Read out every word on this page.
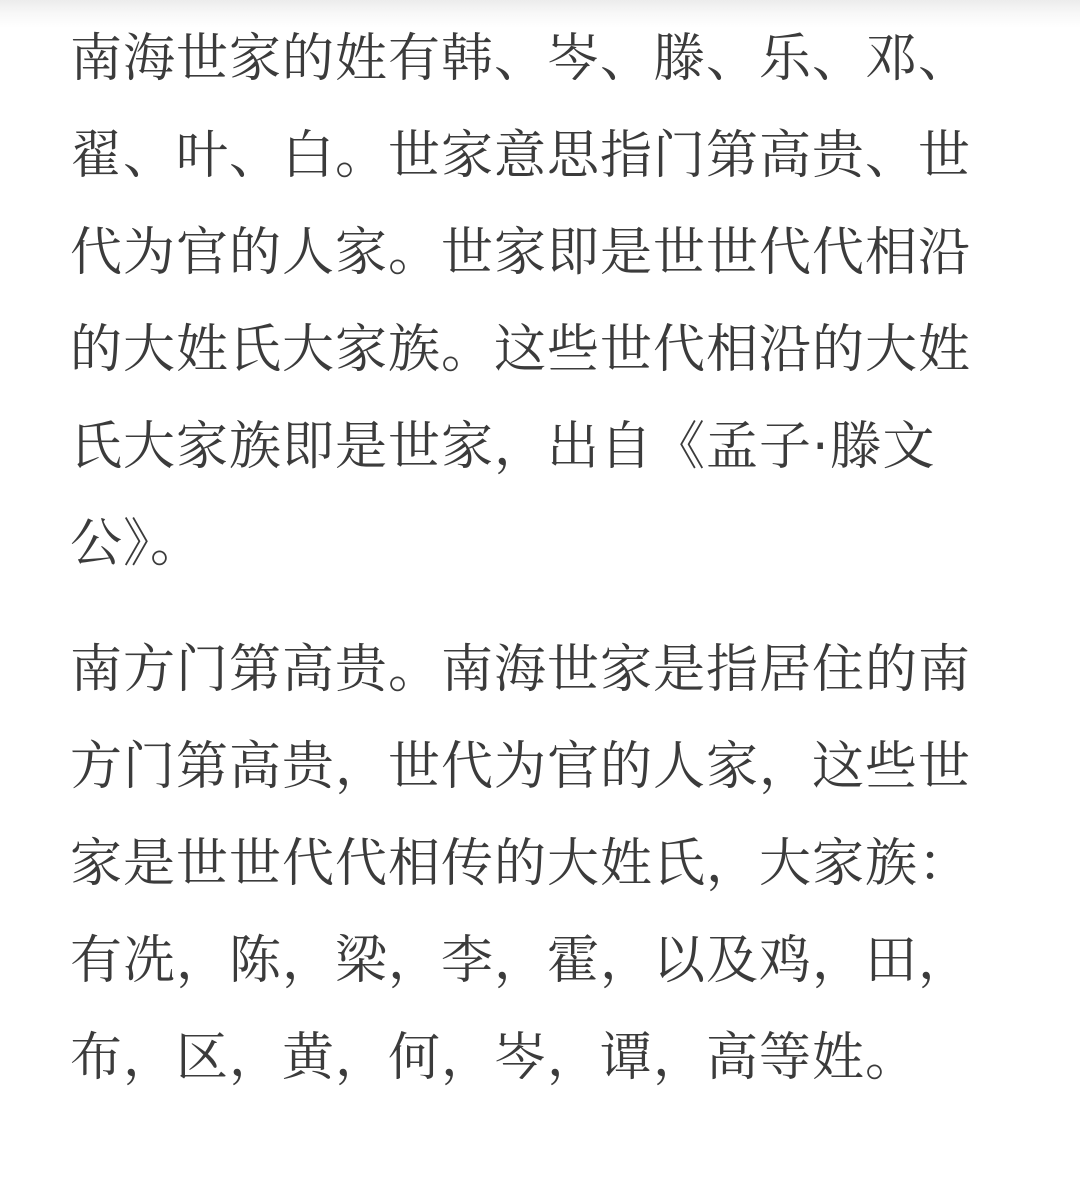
南海世家的姓有韩、岑、滕、乐、邓、翟、叶、白。世家意思指门第高贵、世代为官的人家。世家即是世世代代相沿的大姓氏大家族。这些世代相沿的大姓氏大家族即是世家，出自《孟子·滕文公》。

南方门第高贵。南海世家是指居住的南方门第高贵，世代为官的人家，这些世家是世世代代相传的大姓氏，大家族：有冼，陈，梁，李，霍，以及鸡，田，布，区，黄，何，岑，谭，高等姓。
